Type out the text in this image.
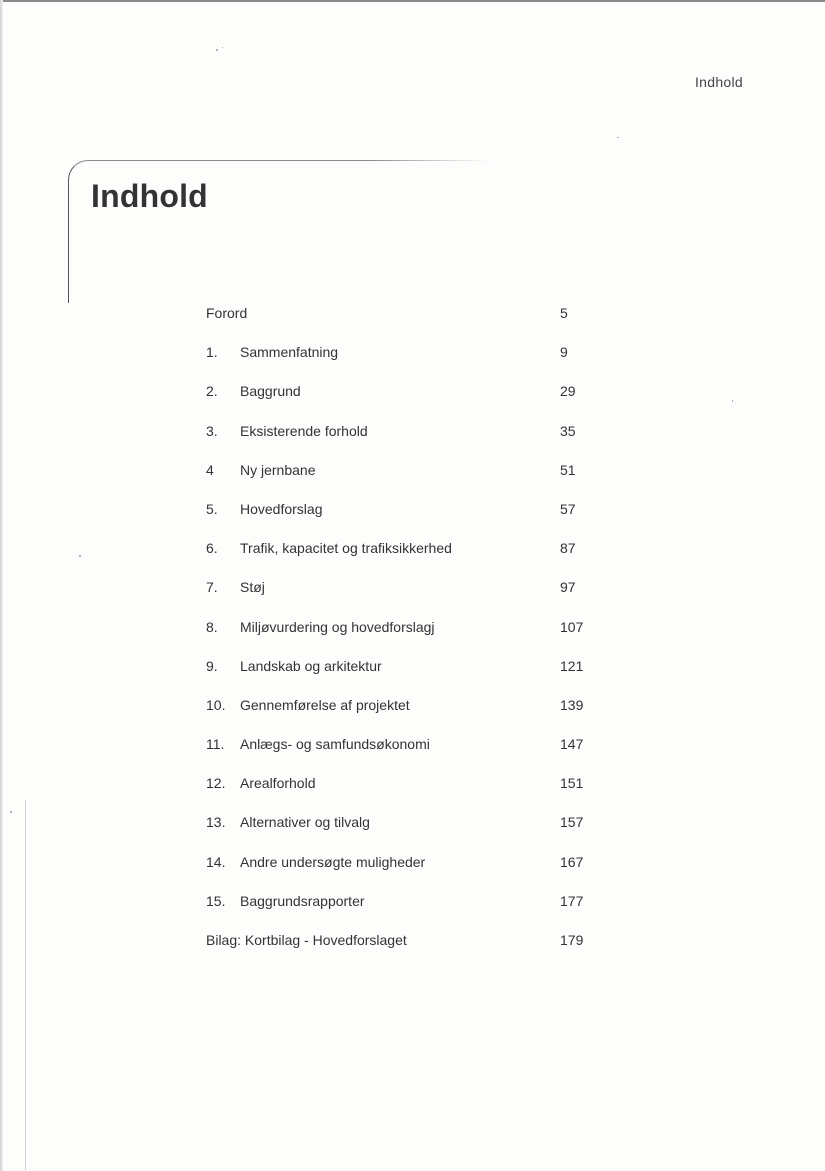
Indhold
Indhold
Forord	5
1.	Sammenfatning	9
2.	Baggrund	29
3.	Eksisterende forhold	35
4	Ny jernbane	51
5.	Hovedforslag	57
6.	Trafik, kapacitet og trafiksikkerhed	87
7.	Støj	97
8.	Miljøvurdering og hovedforslagj	107
9.	Landskab og arkitektur	121
10.	Gennemførelse af projektet	139
11.	Anlægs- og samfundsøkonomi	147
12.	Arealforhold	151
13.	Alternativer og tilvalg	157
14.	Andre undersøgte muligheder	167
15.	Baggrundsrapporter	177
Bilag: Kortbilag - Hovedforslaget	179
